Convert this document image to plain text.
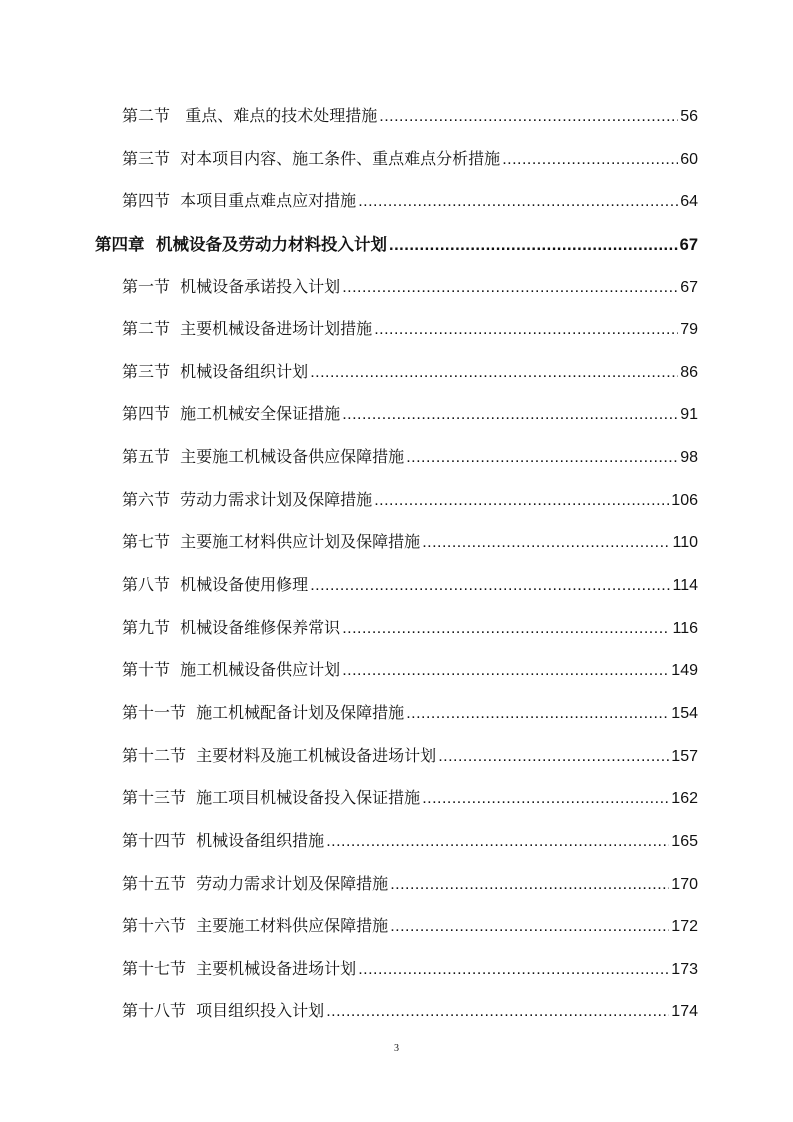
第二节   重点、难点的技术处理措施 .....	56
第三节  对本项目内容、施工条件、重点难点分析措施 .....	60
第四节  本项目重点难点应对措施 .....	64
第四章  机械设备及劳动力材料投入计划 .....	67
第一节  机械设备承诺投入计划 .....	67
第二节  主要机械设备进场计划措施 .....	79
第三节  机械设备组织计划 .....	86
第四节  施工机械安全保证措施 .....	91
第五节  主要施工机械设备供应保障措施 .....	98
第六节  劳动力需求计划及保障措施 .....	106
第七节  主要施工材料供应计划及保障措施 .....	110
第八节  机械设备使用修理 .....	114
第九节  机械设备维修保养常识 .....	116
第十节  施工机械设备供应计划 .....	149
第十一节  施工机械配备计划及保障措施 .....	154
第十二节  主要材料及施工机械设备进场计划 .....	157
第十三节  施工项目机械设备投入保证措施 .....	162
第十四节  机械设备组织措施 .....	165
第十五节  劳动力需求计划及保障措施 .....	170
第十六节  主要施工材料供应保障措施 .....	172
第十七节  主要机械设备进场计划 .....	173
第十八节  项目组织投入计划 .....	174
3
